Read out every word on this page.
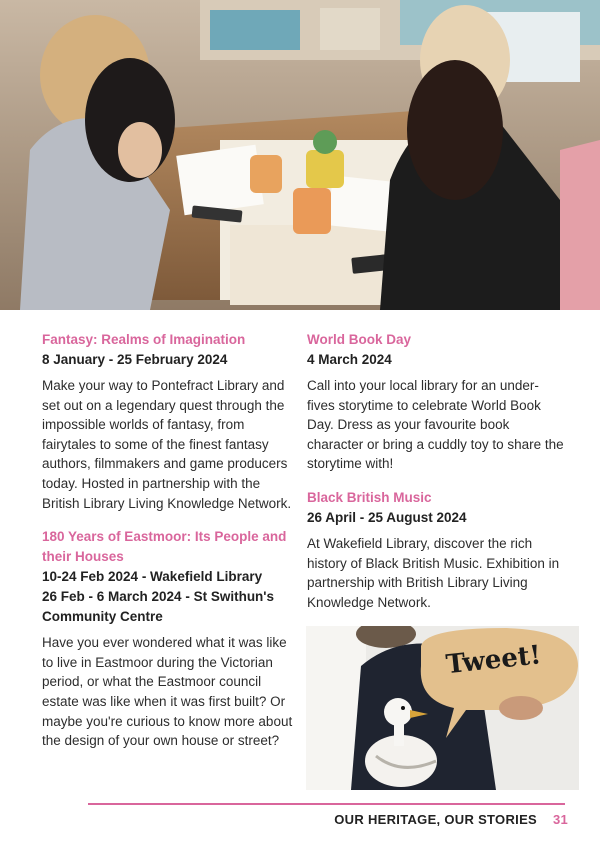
Fantasy: Realms of Imagination
8 January - 25 February 2024
Make your way to Pontefract Library and set out on a legendary quest through the impossible worlds of fantasy, from fairytales to some of the finest fantasy authors, filmmakers and game producers today. Hosted in partnership with the British Library Living Knowledge Network.
180 Years of Eastmoor: Its People and their Houses
10-24 Feb 2024 - Wakefield Library
26 Feb - 6 March 2024 - St Swithun's Community Centre
Have you ever wondered what it was like to live in Eastmoor during the Victorian period, or what the Eastmoor council estate was like when it was first built? Or maybe you're curious to know more about the design of your own house or street?
World Book Day
4 March 2024
Call into your local library for an under-fives storytime to celebrate World Book Day. Dress as your favourite book character or bring a cuddly toy to share the storytime with!
Black British Music
26 April - 25 August 2024
At Wakefield Library, discover the rich history of Black British Music. Exhibition in partnership with British Library Living Knowledge Network.
Tweet!
OUR HERITAGE, OUR STORIES 31
